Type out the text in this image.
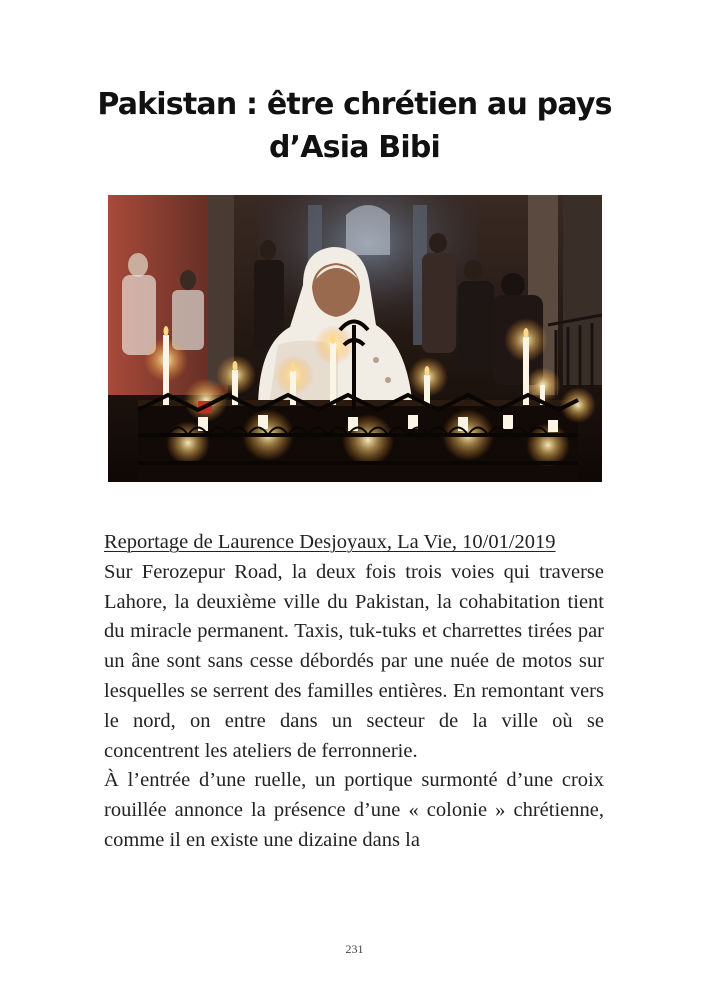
Pakistan : être chrétien au pays d’Asia Bibi

Reportage de Laurence Desjoyaux, La Vie, 10/01/2019

Sur Ferozepur Road, la deux fois trois voies qui traverse Lahore, la deuxième ville du Pakistan, la cohabitation tient du miracle permanent. Taxis, tuk-tuks et charrettes tirées par un âne sont sans cesse débordés par une nuée de motos sur lesquelles se serrent des familles entières. En remontant vers le nord, on entre dans un secteur de la ville où se concentrent les ateliers de ferronnerie.

À l’entrée d’une ruelle, un portique surmonté d’une croix rouillée annonce la présence d’une « colonie » chrétienne, comme il en existe une dizaine dans la

231
